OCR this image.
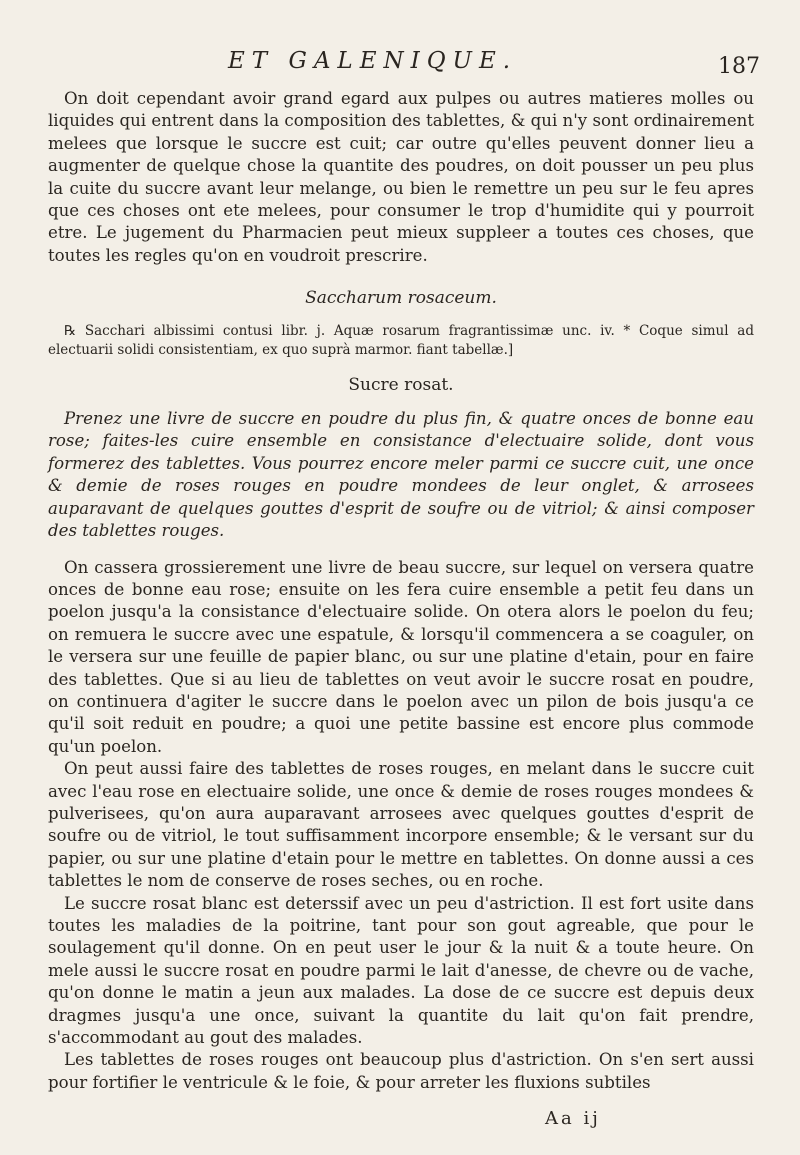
ET GALENIQUE.	187

On doit cependant avoir grand egard aux pulpes ou autres matieres molles ou liquides qui entrent dans la composition des tablettes, & qui n'y sont ordinairement melees que lorsque le succre est cuit; car outre qu'elles peuvent donner lieu a augmenter de quelque chose la quantite des poudres, on doit pousser un peu plus la cuite du succre avant leur melange, ou bien le remettre un peu sur le feu apres que ces choses ont ete melees, pour consumer le trop d'humidite qui y pourroit etre. Le jugement du Pharmacien peut mieux suppleer a toutes ces choses, que toutes les regles qu'on en voudroit prescrire.

Saccharum rosaceum.

℞ Sacchari albissimi contusi libr. j. Aquæ rosarum fragrantissimæ unc. iv. * Coque simul ad electuarii solidi consistentiam, ex quo suprà marmor. fiant tabellæ.]

Sucre rosat.

Prenez une livre de succre en poudre du plus fin, & quatre onces de bonne eau rose; faites-les cuire ensemble en consistance d'electuaire solide, dont vous formerez des tablettes. Vous pourrez encore meler parmi ce succre cuit, une once & demie de roses rouges en poudre mondees de leur onglet, & arrosees auparavant de quelques gouttes d'esprit de soufre ou de vitriol; & ainsi composer des tablettes rouges.

On cassera grossierement une livre de beau succre, sur lequel on versera quatre onces de bonne eau rose; ensuite on les fera cuire ensemble a petit feu dans un poelon jusqu'a la consistance d'electuaire solide. On otera alors le poelon du feu; on remuera le succre avec une espatule, & lorsqu'il commencera a se coaguler, on le versera sur une feuille de papier blanc, ou sur une platine d'etain, pour en faire des tablettes. Que si au lieu de tablettes on veut avoir le succre rosat en poudre, on continuera d'agiter le succre dans le poelon avec un pilon de bois jusqu'a ce qu'il soit reduit en poudre; a quoi une petite bassine est encore plus commode qu'un poelon.

On peut aussi faire des tablettes de roses rouges, en melant dans le succre cuit avec l'eau rose en electuaire solide, une once & demie de roses rouges mondees & pulverisees, qu'on aura auparavant arrosees avec quelques gouttes d'esprit de soufre ou de vitriol, le tout suffisamment incorpore ensemble; & le versant sur du papier, ou sur une platine d'etain pour le mettre en tablettes. On donne aussi a ces tablettes le nom de conserve de roses seches, ou en roche.

Le succre rosat blanc est deterssif avec un peu d'astriction. Il est fort usite dans toutes les maladies de la poitrine, tant pour son gout agreable, que pour le soulagement qu'il donne. On en peut user le jour & la nuit & a toute heure. On mele aussi le succre rosat en poudre parmi le lait d'anesse, de chevre ou de vache, qu'on donne le matin a jeun aux malades. La dose de ce succre est depuis deux dragmes jusqu'a une once, suivant la quantite du lait qu'on fait prendre, s'accommodant au gout des malades.

Les tablettes de roses rouges ont beaucoup plus d'astriction. On s'en sert aussi pour fortifier le ventricule & le foie, & pour arreter les fluxions subtiles

Aa ij
